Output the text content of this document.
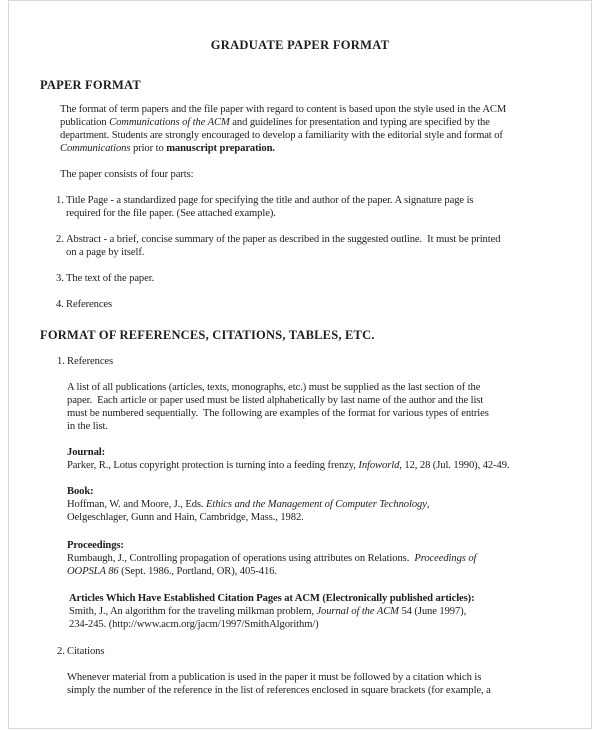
GRADUATE PAPER FORMAT
PAPER FORMAT
The format of term papers and the file paper with regard to content is based upon the style used in the ACM
publication Communications of the ACM and guidelines for presentation and typing are specified by the
department. Students are strongly encouraged to develop a familiarity with the editorial style and format of
Communications prior to manuscript preparation.
The paper consists of four parts:
1. Title Page - a standardized page for specifying the title and author of the paper. A signature page is
required for the file paper. (See attached example).
2. Abstract - a brief, concise summary of the paper as described in the suggested outline.  It must be printed
on a page by itself.
3. The text of the paper.
4. References
FORMAT OF REFERENCES, CITATIONS, TABLES, ETC.
1. References
A list of all publications (articles, texts, monographs, etc.) must be supplied as the last section of the
paper.  Each article or paper used must be listed alphabetically by last name of the author and the list
must be numbered sequentially.  The following are examples of the format for various types of entries
in the list.
Journal:
Parker, R., Lotus copyright protection is turning into a feeding frenzy, Infoworld, 12, 28 (Jul. 1990), 42-49.
Book:
Hoffman, W. and Moore, J., Eds. Ethics and the Management of Computer Technology,
Oelgeschlager, Gunn and Hain, Cambridge, Mass., 1982.
Proceedings:
Rumbaugh, J., Controlling propagation of operations using attributes on Relations.  Proceedings of
OOPSLA 86 (Sept. 1986., Portland, OR), 405-416.
Articles Which Have Established Citation Pages at ACM (Electronically published articles):
Smith, J., An algorithm for the traveling milkman problem, Journal of the ACM 54 (June 1997),
234-245. (http://www.acm.org/jacm/1997/SmithAlgorithm/)
2. Citations
Whenever material from a publication is used in the paper it must be followed by a citation which is
simply the number of the reference in the list of references enclosed in square brackets (for example, a
